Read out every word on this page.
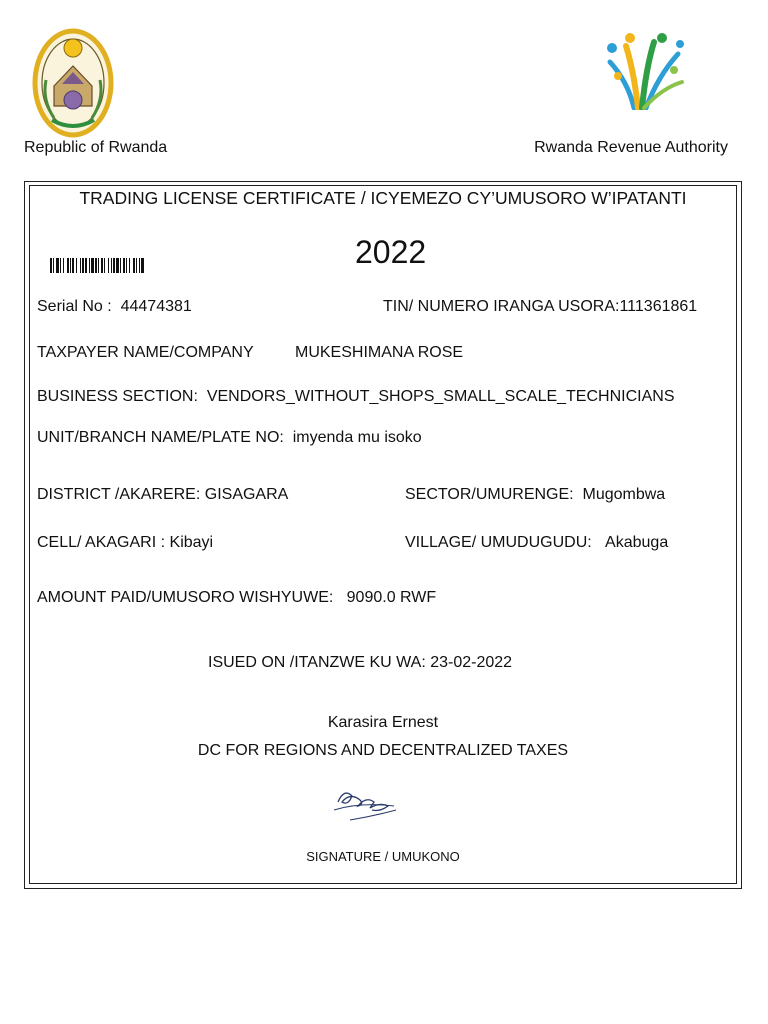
Republic of Rwanda	Rwanda Revenue Authority
TRADING LICENSE CERTIFICATE / ICYEMEZO CY’UMUSORO W’IPATANTI
2022
Serial No : 44474381	TIN/ NUMERO IRANGA USORA:111361861
TAXPAYER NAME/COMPANY	MUKESHIMANA ROSE
BUSINESS SECTION: VENDORS_WITHOUT_SHOPS_SMALL_SCALE_TECHNICIANS
UNIT/BRANCH NAME/PLATE NO: imyenda mu isoko
DISTRICT /AKARERE: GISAGARA	SECTOR/UMURENGE: Mugombwa
CELL/ AKAGARI : Kibayi	VILLAGE/ UMUDUGUDU: Akabuga
AMOUNT PAID/UMUSORO WISHYUWE: 9090.0 RWF
ISUED ON /ITANZWE KU WA: 23-02-2022
Karasira Ernest
DC FOR REGIONS AND DECENTRALIZED TAXES
SIGNATURE / UMUKONO
